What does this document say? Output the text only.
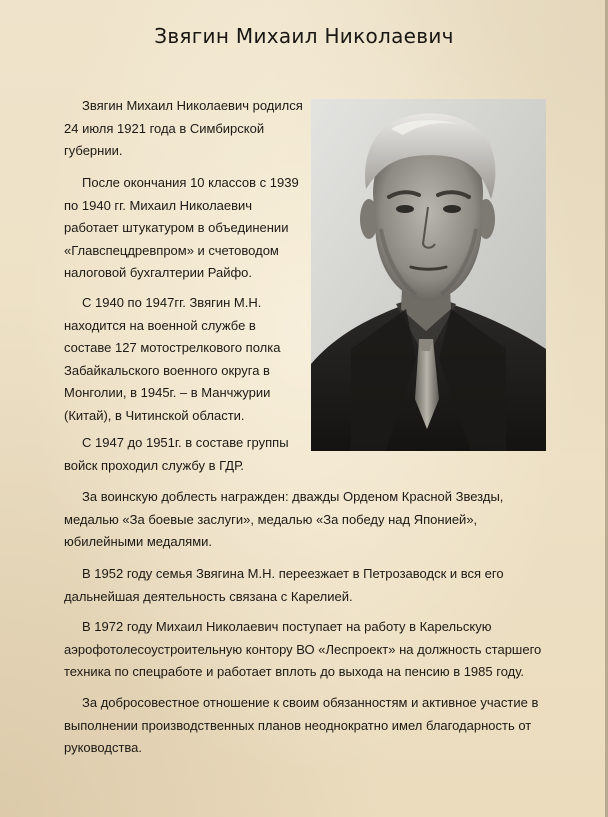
Звягин Михаил Николаевич

Звягин Михаил Николаевич родился 24 июля 1921 года в Симбирской губернии.

После окончания 10 классов с 1939 по 1940 гг. Михаил Николаевич работает штукатуром в объединении «Главспецдревпром» и счетоводом налоговой бухгалтерии Райфо.

С 1940 по 1947гг. Звягин М.Н. находится на военной службе в составе 127 мотострелкового полка Забайкальского военного округа в Монголии, в 1945г. – в Манчжурии (Китай), в Читинской области.

С 1947 до 1951г. в составе группы войск проходил службу в ГДР.

За воинскую доблесть награжден: дважды Орденом Красной Звезды, медалью «За боевые заслуги», медалью «За победу над Японией», юбилейными медалями.

В 1952 году семья Звягина М.Н. переезжает в Петрозаводск и вся его дальнейшая деятельность связана с Карелией.

В 1972 году Михаил Николаевич поступает на работу в Карельскую аэрофотолесоустроительную контору ВО «Леспроект» на должность старшего техника по спецработе и работает вплоть до выхода на пенсию в 1985 году.

За добросовестное отношение к своим обязанностям и активное участие в выполнении производственных планов неоднократно имел благодарность от руководства.
